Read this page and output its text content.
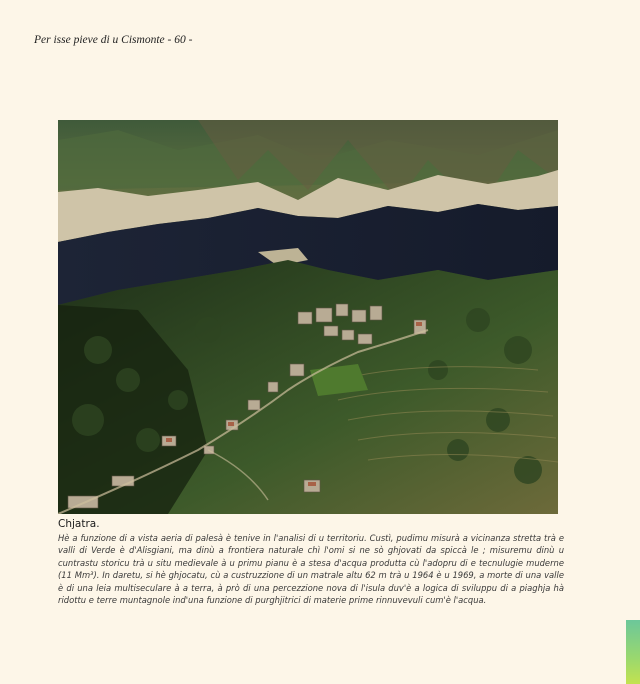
Per isse pieve di u Cismonte - 60 -
Chjatra.
Hè a funzione di a vista aeria di palesà è tenive in l'analisi di u territoriu. Custì, pudimu misurà a vicinanza stretta trà e valli di Verde è d'Alisgiani, ma dinù a frontiera naturale chì l'omi si ne sò ghjovati da spiccà le ; misuremu dinù u cuntrastu storicu trà u situ medievale à u primu pianu è a stesa d'acqua produtta cù l'adopru di e tecnulugie muderne (11 Mm³). In daretu, si hè ghjocatu, cù a custruzzione di un matrale altu 62 m trà u 1964 è u 1969, a morte di una valle è di una leia multiseculare à a terra, à prò di una percezzione nova di l'isula duv'è a logica di sviluppu di a piaghja hà ridottu e terre muntagnole ind'una funzione di purghjitrici di materie prime rinnuvevuli cum'è l'acqua.
